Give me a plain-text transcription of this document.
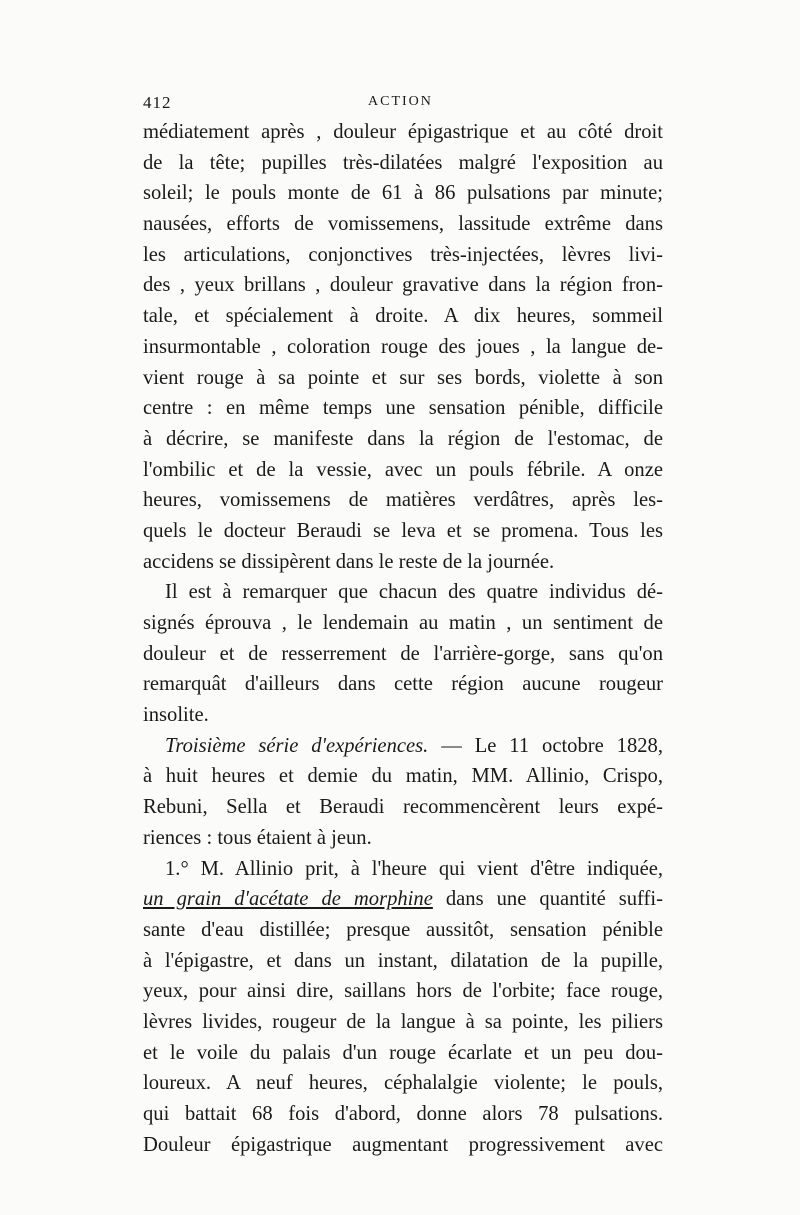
412	ACTION
médiatement après , douleur épigastrique et au côté droit
de la tête; pupilles très-dilatées malgré l'exposition au
soleil; le pouls monte de 61 à 86 pulsations par minute;
nausées, efforts de vomissemens, lassitude extrême dans
les articulations, conjonctives très-injectées, lèvres livi-
des , yeux brillans , douleur gravative dans la région fron-
tale, et spécialement à droite. A dix heures, sommeil
insurmontable , coloration rouge des joues , la langue de-
vient rouge à sa pointe et sur ses bords, violette à son
centre : en même temps une sensation pénible, difficile
à décrire, se manifeste dans la région de l'estomac, de
l'ombilic et de la vessie, avec un pouls fébrile. A onze
heures, vomissemens de matières verdâtres, après les-
quels le docteur Beraudi se leva et se promena. Tous les
accidens se dissipèrent dans le reste de la journée.
Il est à remarquer que chacun des quatre individus dé-
signés éprouva , le lendemain au matin , un sentiment de
douleur et de resserrement de l'arrière-gorge, sans qu'on
remarquât d'ailleurs dans cette région aucune rougeur
insolite.
Troisième série d'expériences. — Le 11 octobre 1828,
à huit heures et demie du matin, MM. Allinio, Crispo,
Rebuni, Sella et Beraudi recommencèrent leurs expé-
riences : tous étaient à jeun.
1.° M. Allinio prit, à l'heure qui vient d'être indiquée,
un grain d'acétate de morphine dans une quantité suffi-
sante d'eau distillée; presque aussitôt, sensation pénible
à l'épigastre, et dans un instant, dilatation de la pupille,
yeux, pour ainsi dire, saillans hors de l'orbite; face rouge,
lèvres livides, rougeur de la langue à sa pointe, les piliers
et le voile du palais d'un rouge écarlate et un peu dou-
loureux. A neuf heures, céphalalgie violente; le pouls,
qui battait 68 fois d'abord, donne alors 78 pulsations.
Douleur épigastrique augmentant progressivement avec
